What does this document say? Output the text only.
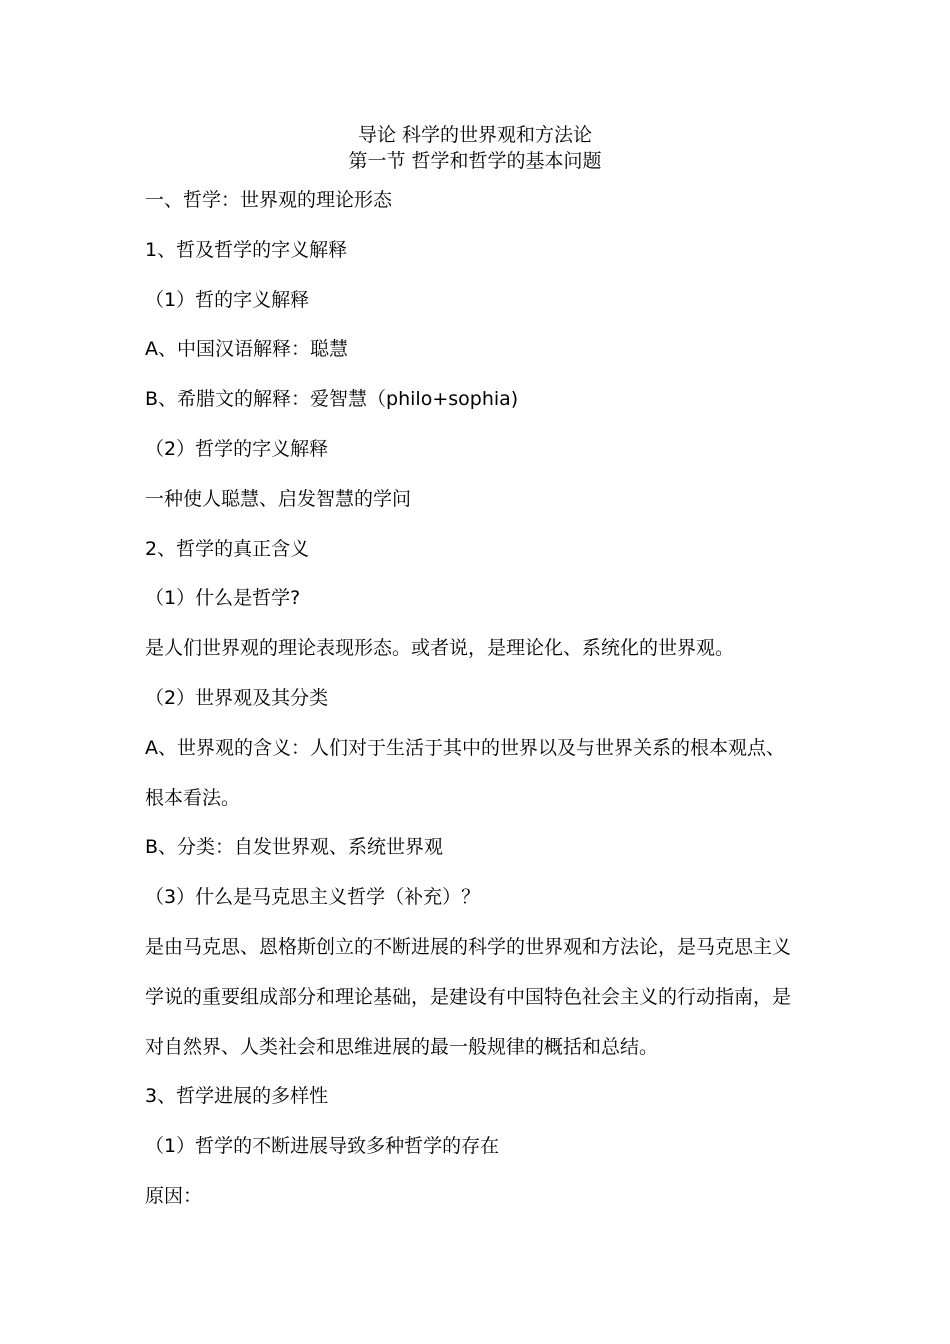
导论 科学的世界观和方法论
第一节 哲学和哲学的基本问题
一、哲学：世界观的理论形态
1、哲及哲学的字义解释
（1）哲的字义解释
A、中国汉语解释：聪慧
B、希腊文的解释：爱智慧（philo+sophia)
（2）哲学的字义解释
一种使人聪慧、启发智慧的学问
2、哲学的真正含义
（1）什么是哲学?
是人们世界观的理论表现形态。或者说，是理论化、系统化的世界观。
（2）世界观及其分类
A、世界观的含义：人们对于生活于其中的世界以及与世界关系的根本观点、
根本看法。
B、分类：自发世界观、系统世界观
（3）什么是马克思主义哲学（补充）？
是由马克思、恩格斯创立的不断进展的科学的世界观和方法论，是马克思主义
学说的重要组成部分和理论基础，是建设有中国特色社会主义的行动指南，是
对自然界、人类社会和思维进展的最一般规律的概括和总结。
3、哲学进展的多样性
（1）哲学的不断进展导致多种哲学的存在
原因：
